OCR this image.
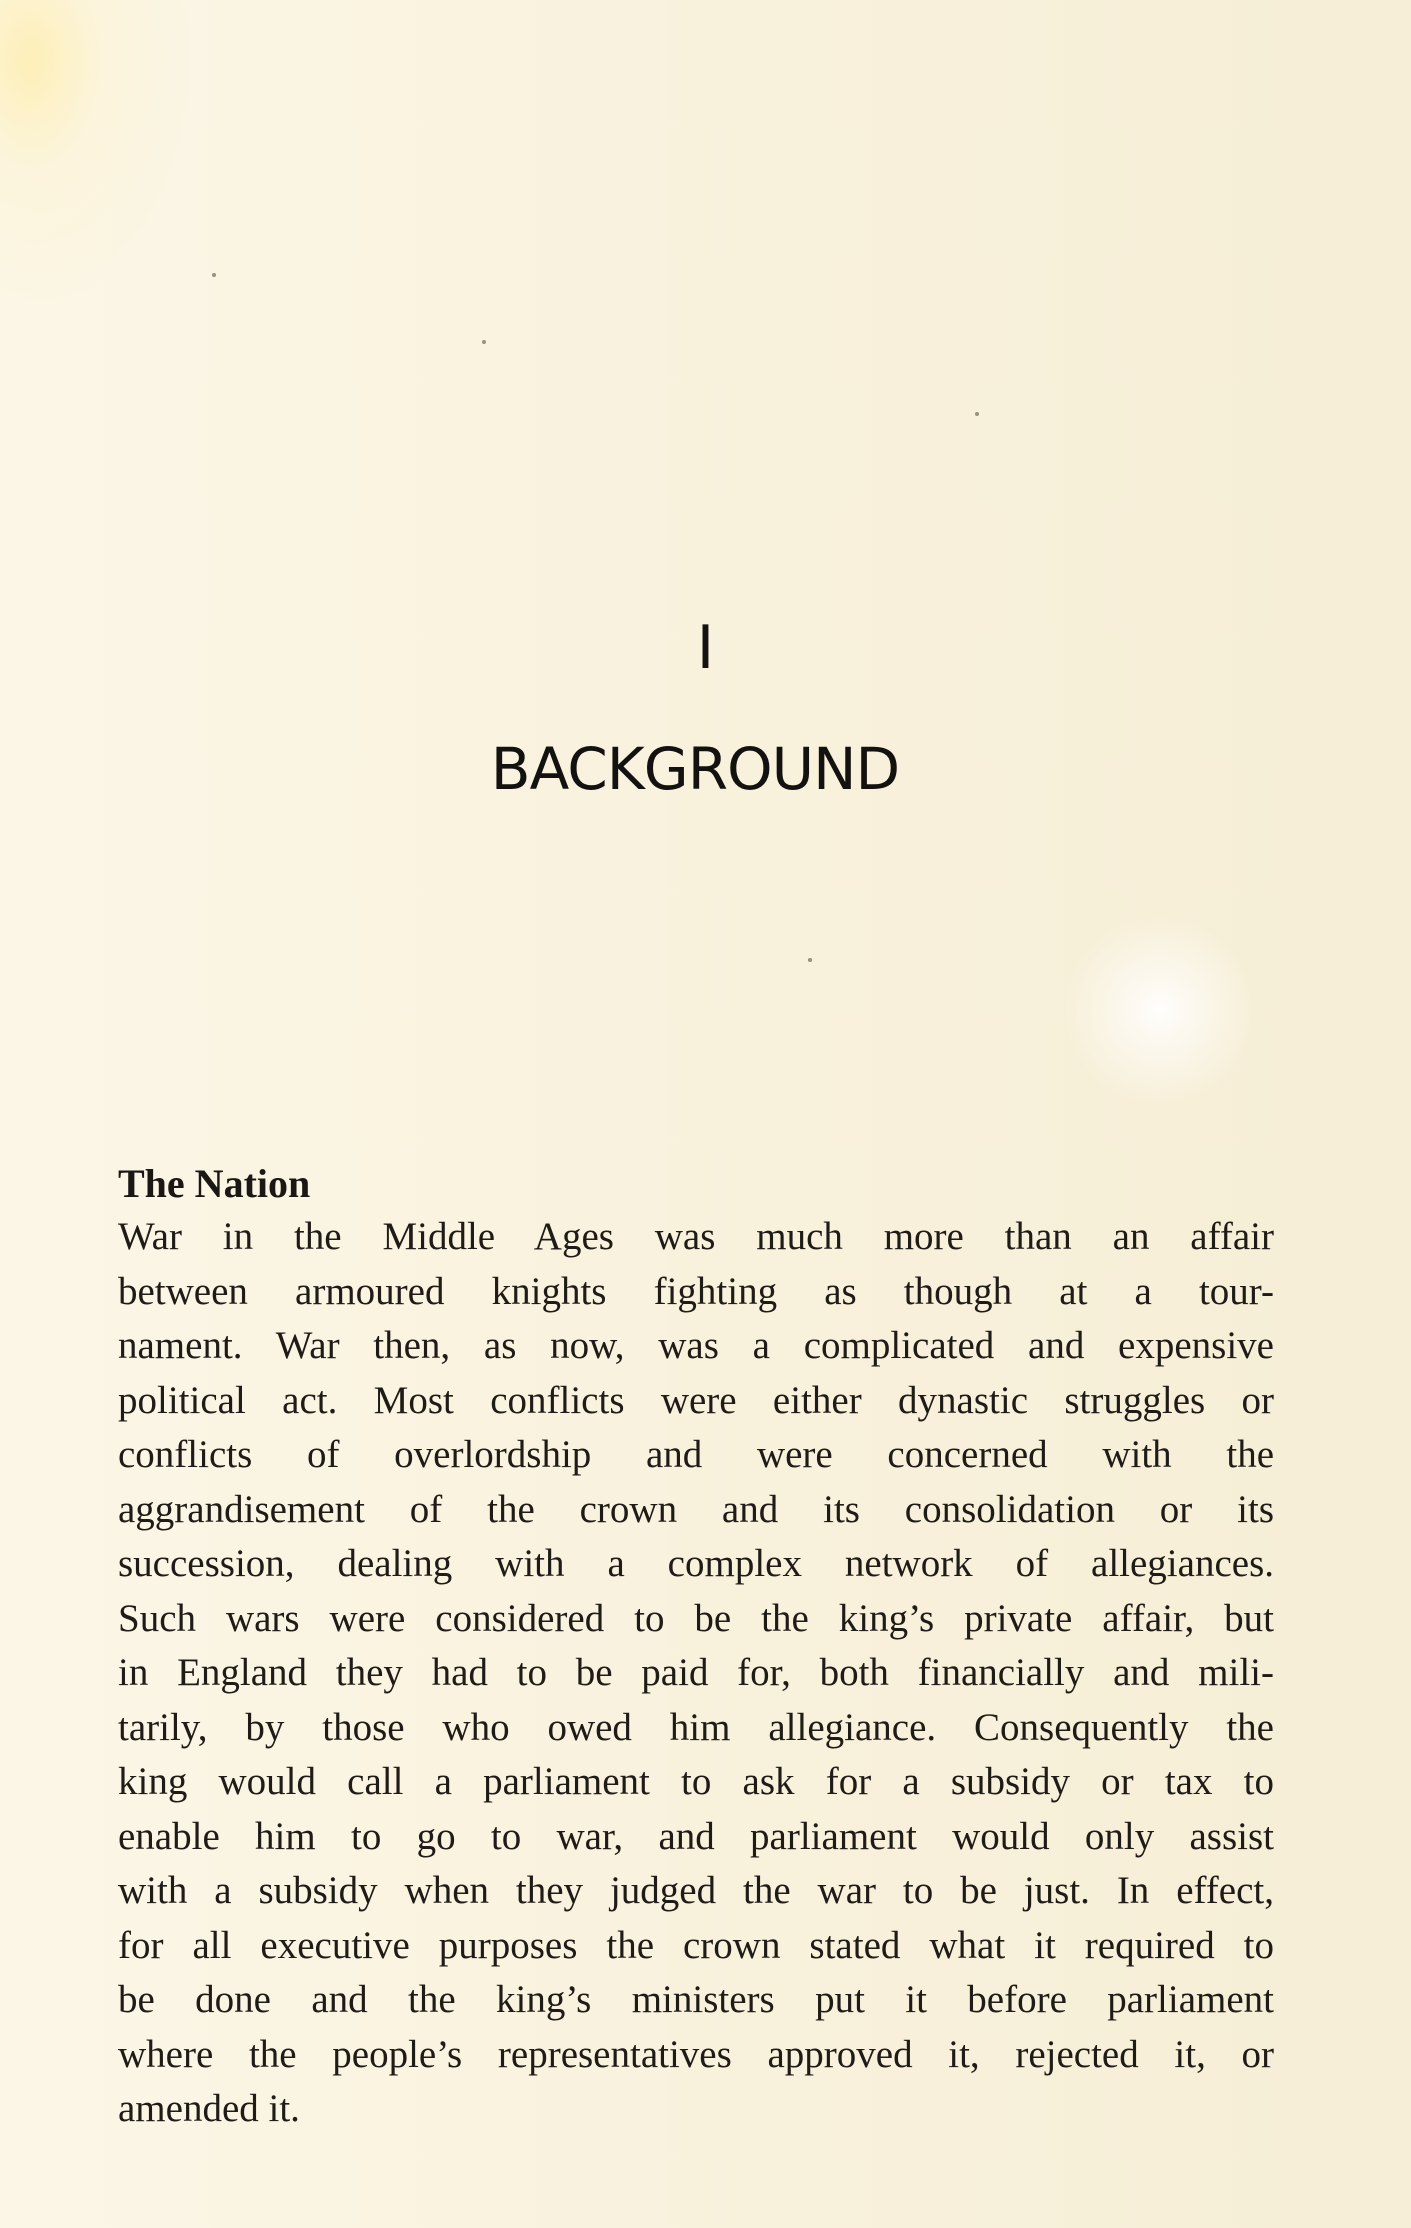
I
BACKGROUND
The Nation
War in the Middle Ages was much more than an affair
between armoured knights fighting as though at a tour-
nament. War then, as now, was a complicated and expensive
political act. Most conflicts were either dynastic struggles or
conflicts of overlordship and were concerned with the
aggrandisement of the crown and its consolidation or its
succession, dealing with a complex network of allegiances.
Such wars were considered to be the king’s private affair, but
in England they had to be paid for, both financially and mili-
tarily, by those who owed him allegiance. Consequently the
king would call a parliament to ask for a subsidy or tax to
enable him to go to war, and parliament would only assist
with a subsidy when they judged the war to be just. In effect,
for all executive purposes the crown stated what it required to
be done and the king’s ministers put it before parliament
where the people’s representatives approved it, rejected it, or
amended it.
